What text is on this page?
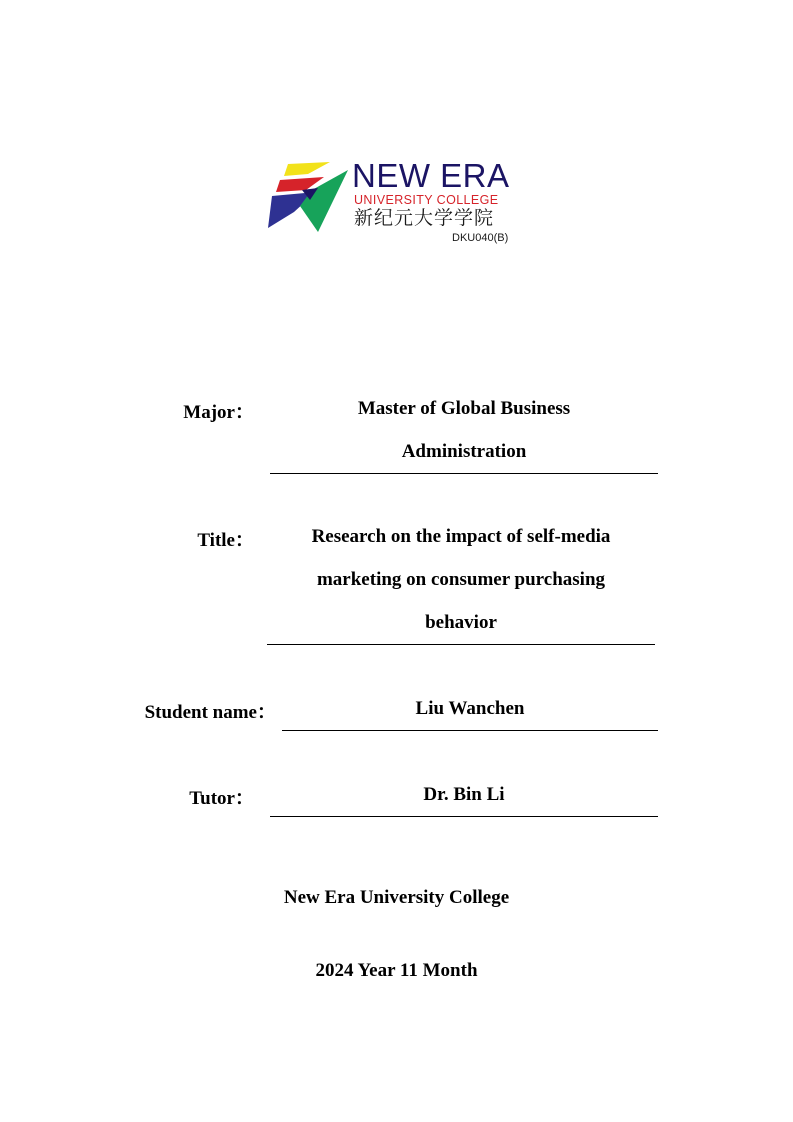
NEW ERA
UNIVERSITY COLLEGE
新纪元大学学院
DKU040(B)
Major：	Master of Global Business
Administration
Title：	Research on the impact of self-media
marketing on consumer purchasing
behavior
Student name：	Liu Wanchen
Tutor：	Dr. Bin Li
New Era University College
2024 Year 11 Month
